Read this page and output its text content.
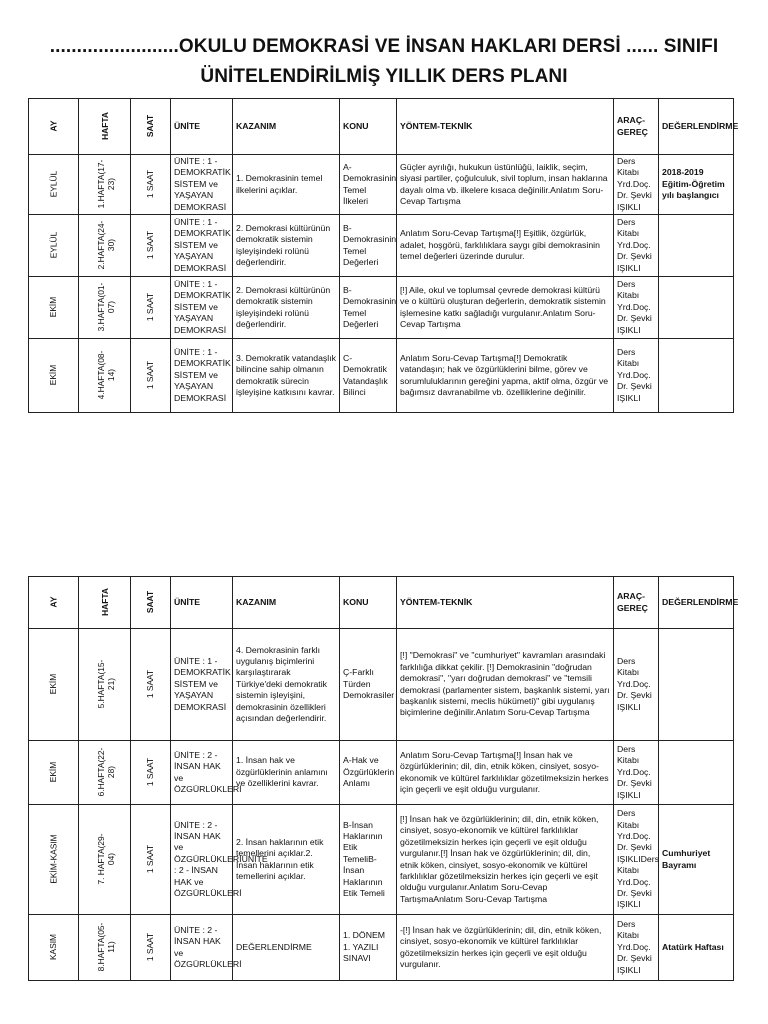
........................OKULU DEMOKRASİ VE İNSAN HAKLARI DERSİ ...... SINIFI
ÜNİTELENDİRİLMİŞ YILLIK DERS PLANI
AY	HAFTA	SAAT	ÜNİTE	KAZANIM	KONU	YÖNTEM-TEKNİK	ARAÇ-GEREÇ	DEĞERLENDİRME
EYLÜL	1.HAFTA(17-23)	1 SAAT	ÜNİTE : 1 - DEMOKRATİK SİSTEM ve YAŞAYAN DEMOKRASİ	1. Demokrasinin temel ilkelerini açıklar.	A- Demokrasinin Temel İlkeleri	Güçler ayrılığı, hukukun üstünlüğü, laiklik, seçim, siyasi partiler, çoğulculuk, sivil toplum, insan haklarına dayalı olma vb. ilkelere kısaca değinilir.Anlatım Soru-Cevap Tartışma	Ders Kitabı Yrd.Doç. Dr. Şevki IŞIKLI	2018-2019 Eğitim-Öğretim yılı başlangıcı
EYLÜL	2.HAFTA(24-30)	1 SAAT	ÜNİTE : 1 - DEMOKRATİK SİSTEM ve YAŞAYAN DEMOKRASİ	2. Demokrasi kültürünün demokratik sistemin işleyişindeki rolünü değerlendirir.	B- Demokrasinin Temel Değerleri	Anlatım Soru-Cevap Tartışma[!] Eşitlik, özgürlük, adalet, hoşgörü, farklılıklara saygı gibi demokrasinin temel değerleri üzerinde durulur.	Ders Kitabı Yrd.Doç. Dr. Şevki IŞIKLI	
EKİM	3.HAFTA(01-07)	1 SAAT	ÜNİTE : 1 - DEMOKRATİK SİSTEM ve YAŞAYAN DEMOKRASİ	2. Demokrasi kültürünün demokratik sistemin işleyişindeki rolünü değerlendirir.	B- Demokrasinin Temel Değerleri	[!] Aile, okul ve toplumsal çevrede demokrasi kültürü ve o kültürü oluşturan değerlerin, demokratik sistemin işlemesine katkı sağladığı vurgulanır.Anlatım Soru-Cevap Tartışma	Ders Kitabı Yrd.Doç. Dr. Şevki IŞIKLI	
EKİM	4.HAFTA(08-14)	1 SAAT	ÜNİTE : 1 - DEMOKRATİK SİSTEM ve YAŞAYAN DEMOKRASİ	3. Demokratik vatandaşlık bilincine sahip olmanın demokratik sürecin işleyişine katkısını kavrar.	C- Demokratik Vatandaşlık Bilinci	Anlatım Soru-Cevap Tartışma[!] Demokratik vatandaşın; hak ve özgürlüklerini bilme, görev ve sorumluluklarının gereğini yapma, aktif olma, özgür ve bağımsız davranabilme vb. özelliklerine değinilir.	Ders Kitabı Yrd.Doç. Dr. Şevki IŞIKLI	
AY	HAFTA	SAAT	ÜNİTE	KAZANIM	KONU	YÖNTEM-TEKNİK	ARAÇ-GEREÇ	DEĞERLENDİRME
EKİM	5.HAFTA(15-21)	1 SAAT	ÜNİTE : 1 - DEMOKRATİK SİSTEM ve YAŞAYAN DEMOKRASİ	4. Demokrasinin farklı uygulanış biçimlerini karşılaştırarak Türkiye'deki demokratik sistemin işleyişini, demokrasinin özellikleri açısından değerlendirir.	Ç-Farklı Türden Demokrasiler	[!] "Demokrasi" ve "cumhuriyet" kavramları arasındaki farklılığa dikkat çekilir. [!] Demokrasinin "doğrudan demokrasi", "yarı doğrudan demokrasi" ve "temsili demokrasi (parlamenter sistem, başkanlık sistemi, yarı başkanlık sistemi, meclis hükümeti)" gibi uygulanış biçimlerine değinilir.Anlatım Soru-Cevap Tartışma	Ders Kitabı Yrd.Doç. Dr. Şevki IŞIKLI	
EKİM	6.HAFTA(22-28)	1 SAAT	ÜNİTE : 2 - İNSAN HAK ve ÖZGÜRLÜKLERİ	1. İnsan hak ve özgürlüklerinin anlamını ve özelliklerini kavrar.	A-Hak ve Özgürlüklerin Anlamı	Anlatım Soru-Cevap Tartışma[!] İnsan hak ve özgürlüklerinin; dil, din, etnik köken, cinsiyet, sosyo-ekonomik ve kültürel farklılıklar gözetilmeksizin herkes için geçerli ve eşit olduğu vurgulanır.	Ders Kitabı Yrd.Doç. Dr. Şevki IŞIKLI	
EKİM-KASIM	7. HAFTA(29-04)	1 SAAT	ÜNİTE : 2 - İNSAN HAK ve ÖZGÜRLÜKLERİÜNİTE : 2 - İNSAN HAK ve ÖZGÜRLÜKLERİ	2. İnsan haklarının etik temellerini açıklar.2. İnsan haklarının etik temellerini açıklar.	B-İnsan Haklarının Etik TemeliB-İnsan Haklarının Etik Temeli	[!] İnsan hak ve özgürlüklerinin; dil, din, etnik köken, cinsiyet, sosyo-ekonomik ve kültürel farklılıklar gözetilmeksizin herkes için geçerli ve eşit olduğu vurgulanır.[!] İnsan hak ve özgürlüklerinin; dil, din, etnik köken, cinsiyet, sosyo-ekonomik ve kültürel farklılıklar gözetilmeksizin herkes için geçerli ve eşit olduğu vurgulanır.Anlatım Soru-Cevap TartışmaAnlatım Soru-Cevap Tartışma	Ders Kitabı Yrd.Doç. Dr. Şevki IŞIKLIDers Kitabı Yrd.Doç. Dr. Şevki IŞIKLI	Cumhuriyet Bayramı
KASIM	8.HAFTA(05-11)	1 SAAT	ÜNİTE : 2 - İNSAN HAK ve ÖZGÜRLÜKLERİ	DEĞERLENDİRME	1. DÖNEM 1. YAZILI SINAVI	-[!] İnsan hak ve özgürlüklerinin; dil, din, etnik köken, cinsiyet, sosyo-ekonomik ve kültürel farklılıklar gözetilmeksizin herkes için geçerli ve eşit olduğu vurgulanır.	Ders Kitabı Yrd.Doç. Dr. Şevki IŞIKLI	Atatürk Haftası
